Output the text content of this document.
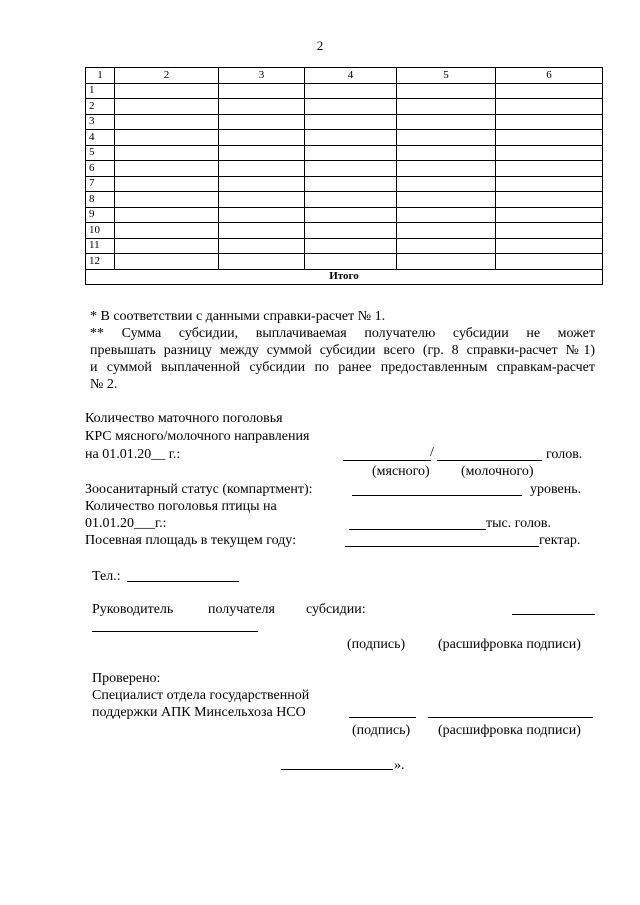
2
1	2	3	4	5	6
1					
2					
3					
4					
5					
6					
7					
8					
9					
10					
11					
12					
Итого					
* В соответствии с данными справки-расчет № 1.
** Сумма субсидии, выплачиваемая получателю субсидии не может
превышать разницу между суммой субсидии всего (гр. 8 справки-расчет №1)
и суммой выплаченной субсидии по ранее предоставленным справкам-расчет
№ 2.
Количество маточного поголовья
КРС мясного/молочного направления
на 01.01.20__ г.:	/	голов.
(мясного) (молочного)
Зоосанитарный статус (компартмент):	уровень.
Количество поголовья птицы на
01.01.20___г.:	тыс. голов.
Посевная площадь в текущем году:	гектар.
Тел.:
Руководитель получателя субсидии:
(подпись) (расшифровка подписи)
Проверено:
Специалист отдела государственной
поддержки АПК Минсельхоза НСО
(подпись) (расшифровка подписи)
».
